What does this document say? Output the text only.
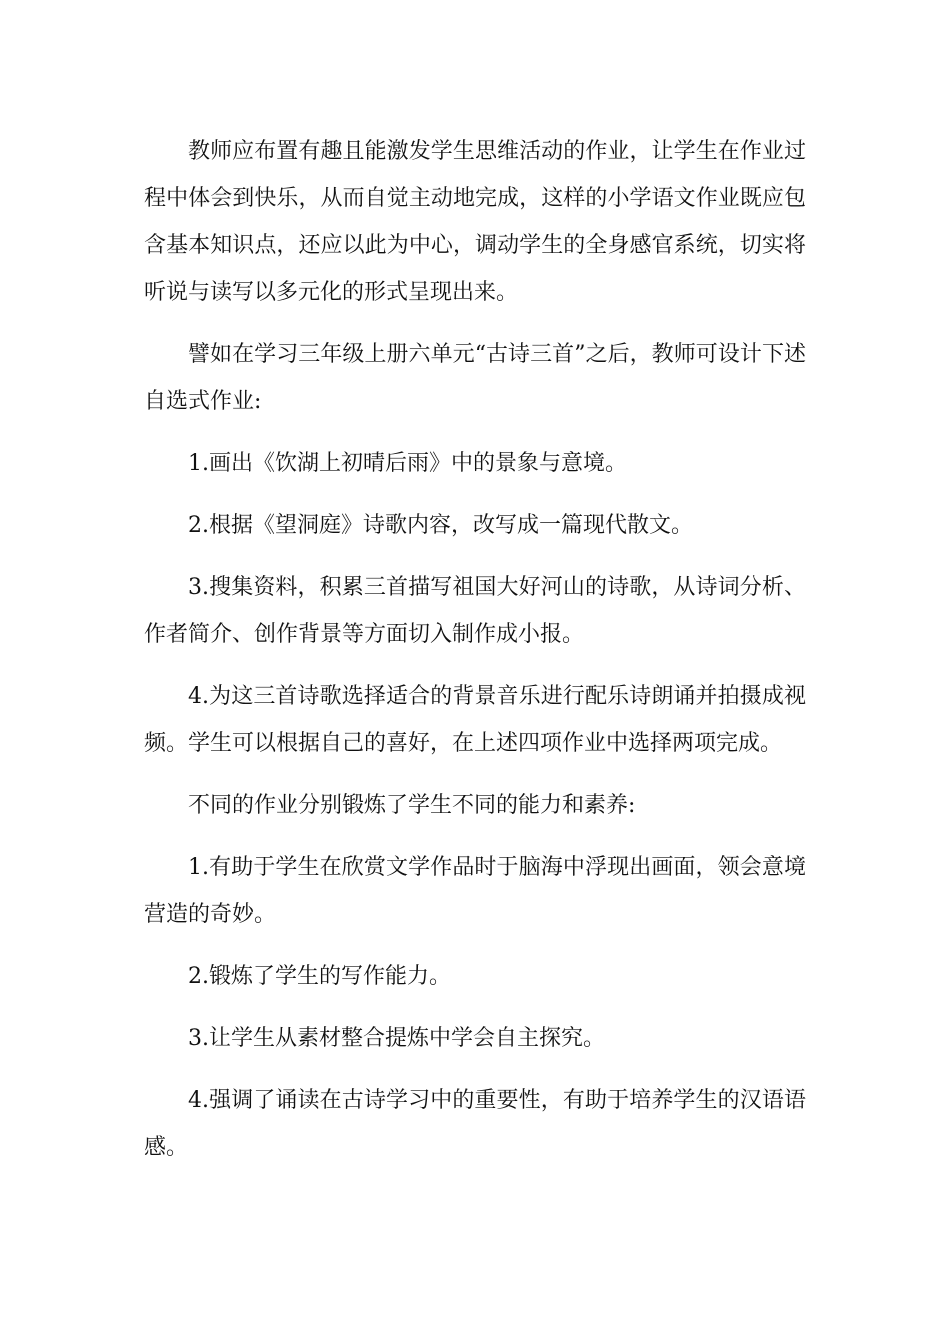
教师应布置有趣且能激发学生思维活动的作业，让学生在作业过程中体会到快乐，从而自觉主动地完成，这样的小学语文作业既应包含基本知识点，还应以此为中心，调动学生的全身感官系统，切实将听说与读写以多元化的形式呈现出来。

譬如在学习三年级上册六单元“古诗三首”之后，教师可设计下述自选式作业:

1.画出《饮湖上初晴后雨》中的景象与意境。

2.根据《望洞庭》诗歌内容，改写成一篇现代散文。

3.搜集资料，积累三首描写祖国大好河山的诗歌，从诗词分析、作者简介、创作背景等方面切入制作成小报。

4.为这三首诗歌选择适合的背景音乐进行配乐诗朗诵并拍摄成视频。学生可以根据自己的喜好，在上述四项作业中选择两项完成。

不同的作业分别锻炼了学生不同的能力和素养:

1.有助于学生在欣赏文学作品时于脑海中浮现出画面，领会意境营造的奇妙。

2.锻炼了学生的写作能力。

3.让学生从素材整合提炼中学会自主探究。

4.强调了诵读在古诗学习中的重要性，有助于培养学生的汉语语感。
